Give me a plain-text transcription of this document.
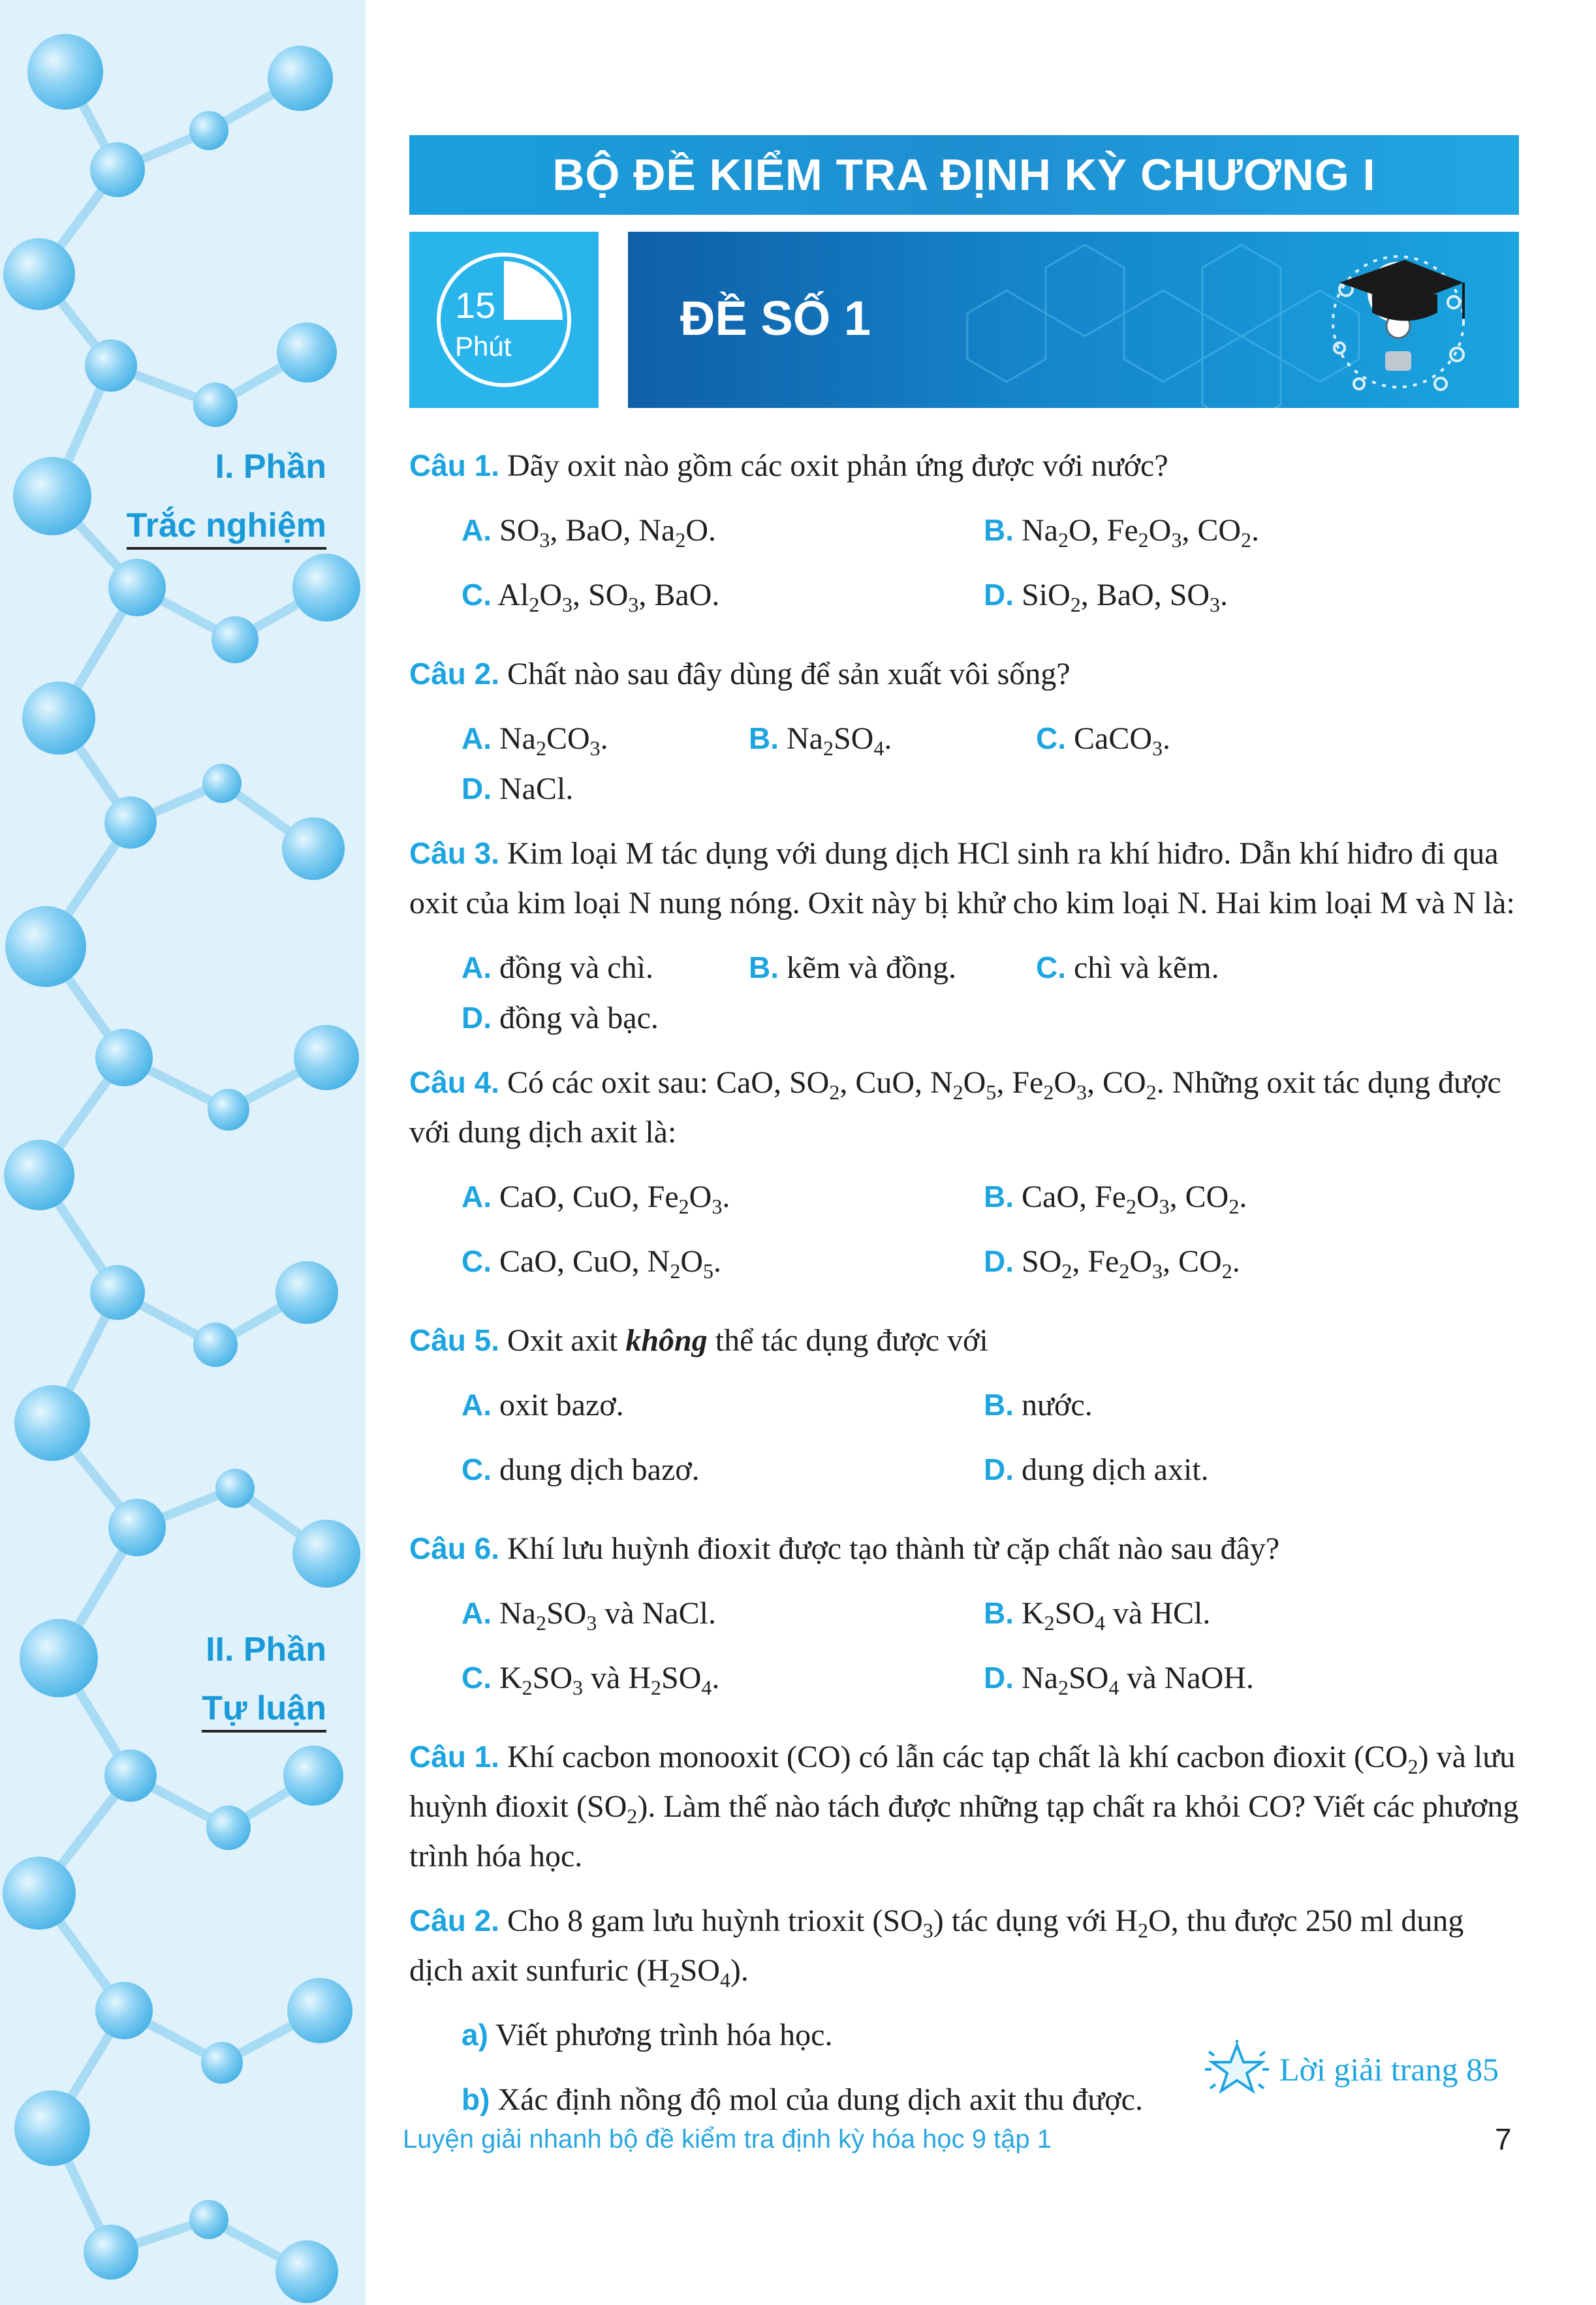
BỘ ĐỀ KIỂM TRA ĐỊNH KỲ CHƯƠNG I
15
Phút
ĐỀ SỐ 1
I. Phần
Trắc nghiệm
II. Phần
Tự luận

Câu 1. Dãy oxit nào gồm các oxit phản ứng được với nước?

A. $SO_3$, BaO, $Na_2O$.	B. $Na_2O$, $Fe_2O_3$, $CO_2$.
C. $Al_2O_3$, $SO_3$, BaO.	D. SiO$_2$, BaO, $SO_3$.

Câu 2. Chất nào sau đây dùng để sản xuất vôi sống?

A. $Na_2CO_3$.	B. $Na_2SO_4$.	C. CaCO$_3$.
D. NaCl.

Câu 3. Kim loại M tác dụng với dung dịch HCl sinh ra khí hiđro. Dẫn khí hiđro đi qua oxit của kim loại N nung nóng. Oxit này bị khử cho kim loại N. Hai kim loại M và N là:

A. đồng và chì.	B. kẽm và đồng.	C. chì và kẽm.
D. đồng và bạc.

Câu 4. Có các oxit sau: CaO, $SO_2$, CuO, $N_2O_5$, $Fe_2O_3$, $CO_2$. Những oxit tác dụng được với dung dịch axit là:

A. CaO, CuO, $Fe_2O_3$.	B. CaO, $Fe_2O_3$, $CO_2$.
C. CaO, CuO, $N_2O_5$.	D. $SO_2$, $Fe_2O_3$, $CO_2$.

Câu 5. Oxit axit không thể tác dụng được với

A. oxit bazơ.	B. nước.
C. dung dịch bazơ.	D. dung dịch axit.

Câu 6. Khí lưu huỳnh đioxit được tạo thành từ cặp chất nào sau đây?

A. $Na_2SO_3$ và NaCl.	B. $K_2SO_4$ và HCl.
C. $K_2SO_3$ và $H_2SO_4$.	D. $Na_2SO_4$ và NaOH.

Câu 1. Khí cacbon monooxit (CO) có lẫn các tạp chất là khí cacbon đioxit $(CO_2)$ và lưu huỳnh đioxit $(SO_2)$. Làm thế nào tách được những tạp chất ra khỏi CO? Viết các phương trình hóa học.

Câu 2. Cho 8 gam lưu huỳnh trioxit $(SO_3)$ tác dụng với $H_2O$, thu được 250 ml dung dịch axit sunfuric $(H_2SO_4)$.

a) Viết phương trình hóa học.
b) Xác định nồng độ mol của dung dịch axit thu được.
Lời giải trang 85
Luyện giải nhanh bộ đề kiểm tra định kỳ hóa học 9 tập 1	7
